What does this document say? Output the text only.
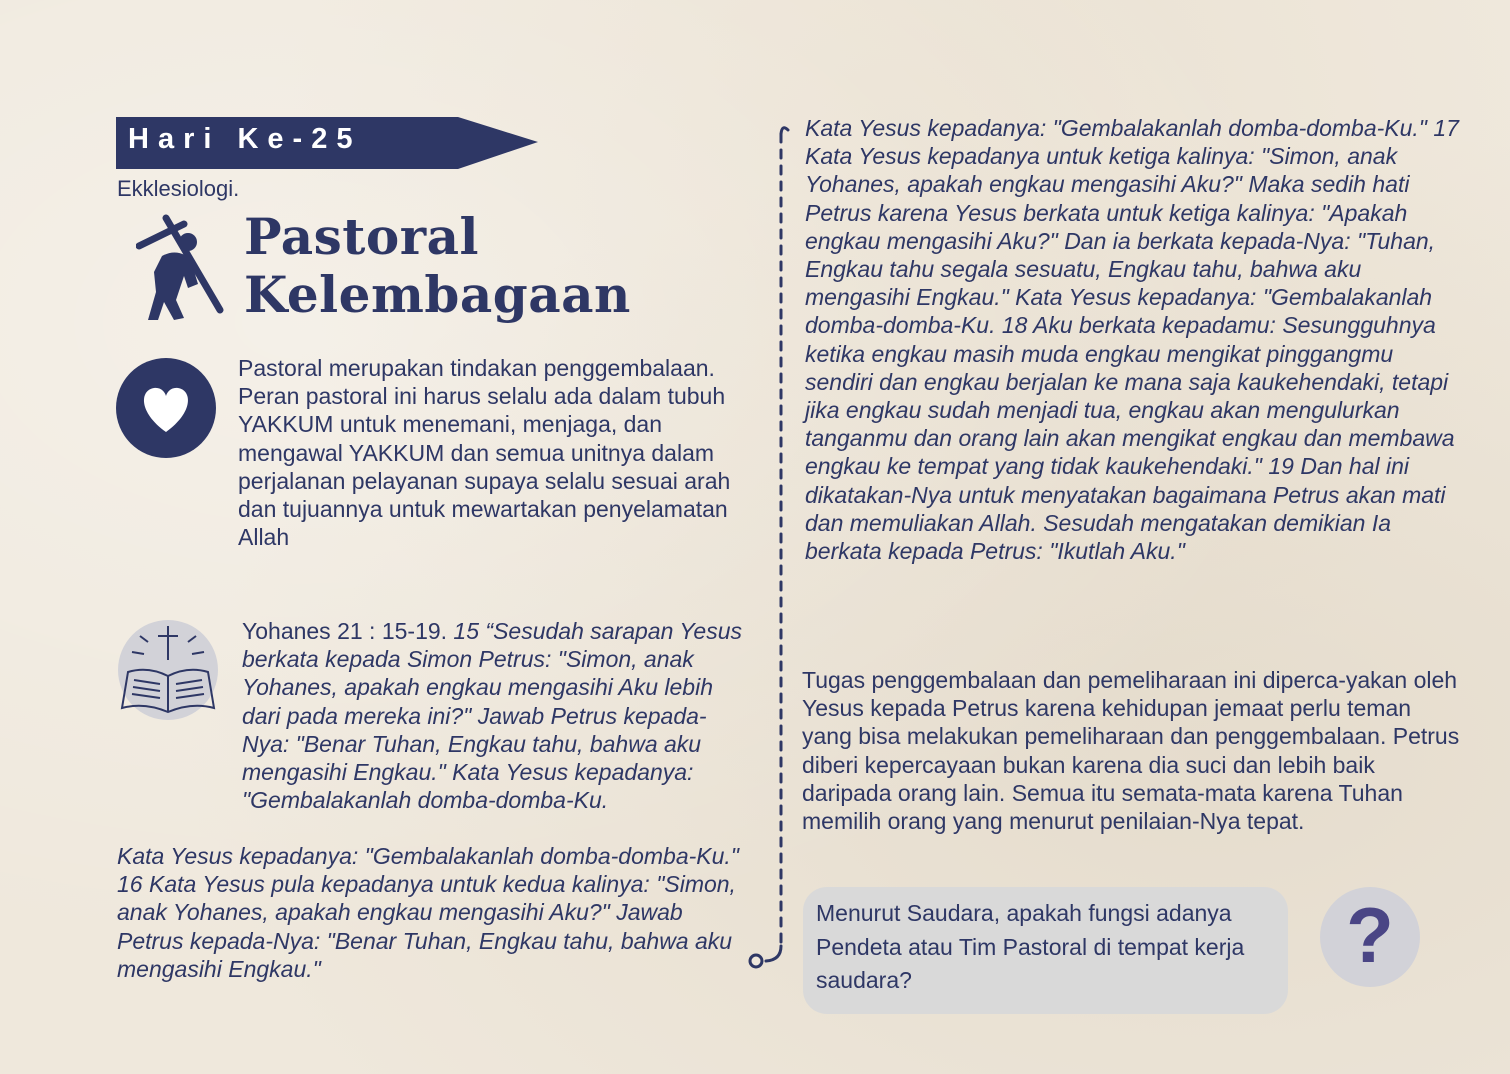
Hari Ke-25
Ekklesiologi.
Pastoral
Kelembagaan
Pastoral merupakan tindakan penggembalaan. Peran pastoral ini harus selalu ada dalam tubuh YAKKUM untuk menemani, menjaga, dan mengawal YAKKUM dan semua unitnya dalam perjalanan pelayanan supaya selalu sesuai arah dan tujuannya untuk mewartakan penyelamatan Allah
Yohanes 21 : 15-19. 15 “Sesudah sarapan Yesus berkata kepada Simon Petrus: "Simon, anak Yohanes, apakah engkau mengasihi Aku lebih dari pada mereka ini?" Jawab Petrus kepada-Nya: "Benar Tuhan, Engkau tahu, bahwa aku mengasihi Engkau." Kata Yesus kepadanya: "Gembalakanlah domba-domba-Ku.
Kata Yesus kepadanya: "Gembalakanlah domba-domba-Ku." 16 Kata Yesus pula kepadanya untuk kedua kalinya: "Simon, anak Yohanes, apakah engkau mengasihi Aku?" Jawab Petrus kepada-Nya: "Benar Tuhan, Engkau tahu, bahwa aku mengasihi Engkau."
Kata Yesus kepadanya: "Gembalakanlah domba-domba-Ku." 17 Kata Yesus kepadanya untuk ketiga kalinya: "Simon, anak Yohanes, apakah engkau mengasihi Aku?" Maka sedih hati Petrus karena Yesus berkata untuk ketiga kalinya: "Apakah engkau mengasihi Aku?" Dan ia berkata kepada-Nya: "Tuhan, Engkau tahu segala sesuatu, Engkau tahu, bahwa aku mengasihi Engkau." Kata Yesus kepadanya: "Gembalakanlah domba-domba-Ku. 18 Aku berkata kepadamu: Sesungguhnya ketika engkau masih muda engkau mengikat pinggangmu sendiri dan engkau berjalan ke mana saja kaukehendaki, tetapi jika engkau sudah menjadi tua, engkau akan mengulurkan tanganmu dan orang lain akan mengikat engkau dan membawa engkau ke tempat yang tidak kaukehendaki." 19 Dan hal ini dikatakan-Nya untuk menyatakan bagaimana Petrus akan mati dan memuliakan Allah. Sesudah mengatakan demikian Ia berkata kepada Petrus: "Ikutlah Aku."
Tugas penggembalaan dan pemeliharaan ini diperca-yakan oleh Yesus kepada Petrus karena kehidupan jemaat perlu teman yang bisa melakukan pemeliharaan dan penggembalaan. Petrus diberi kepercayaan bukan karena dia suci dan lebih baik daripada orang lain. Semua itu semata-mata karena Tuhan memilih orang yang menurut penilaian-Nya tepat.
Menurut Saudara, apakah fungsi adanya Pendeta atau Tim Pastoral di tempat kerja saudara?
?
